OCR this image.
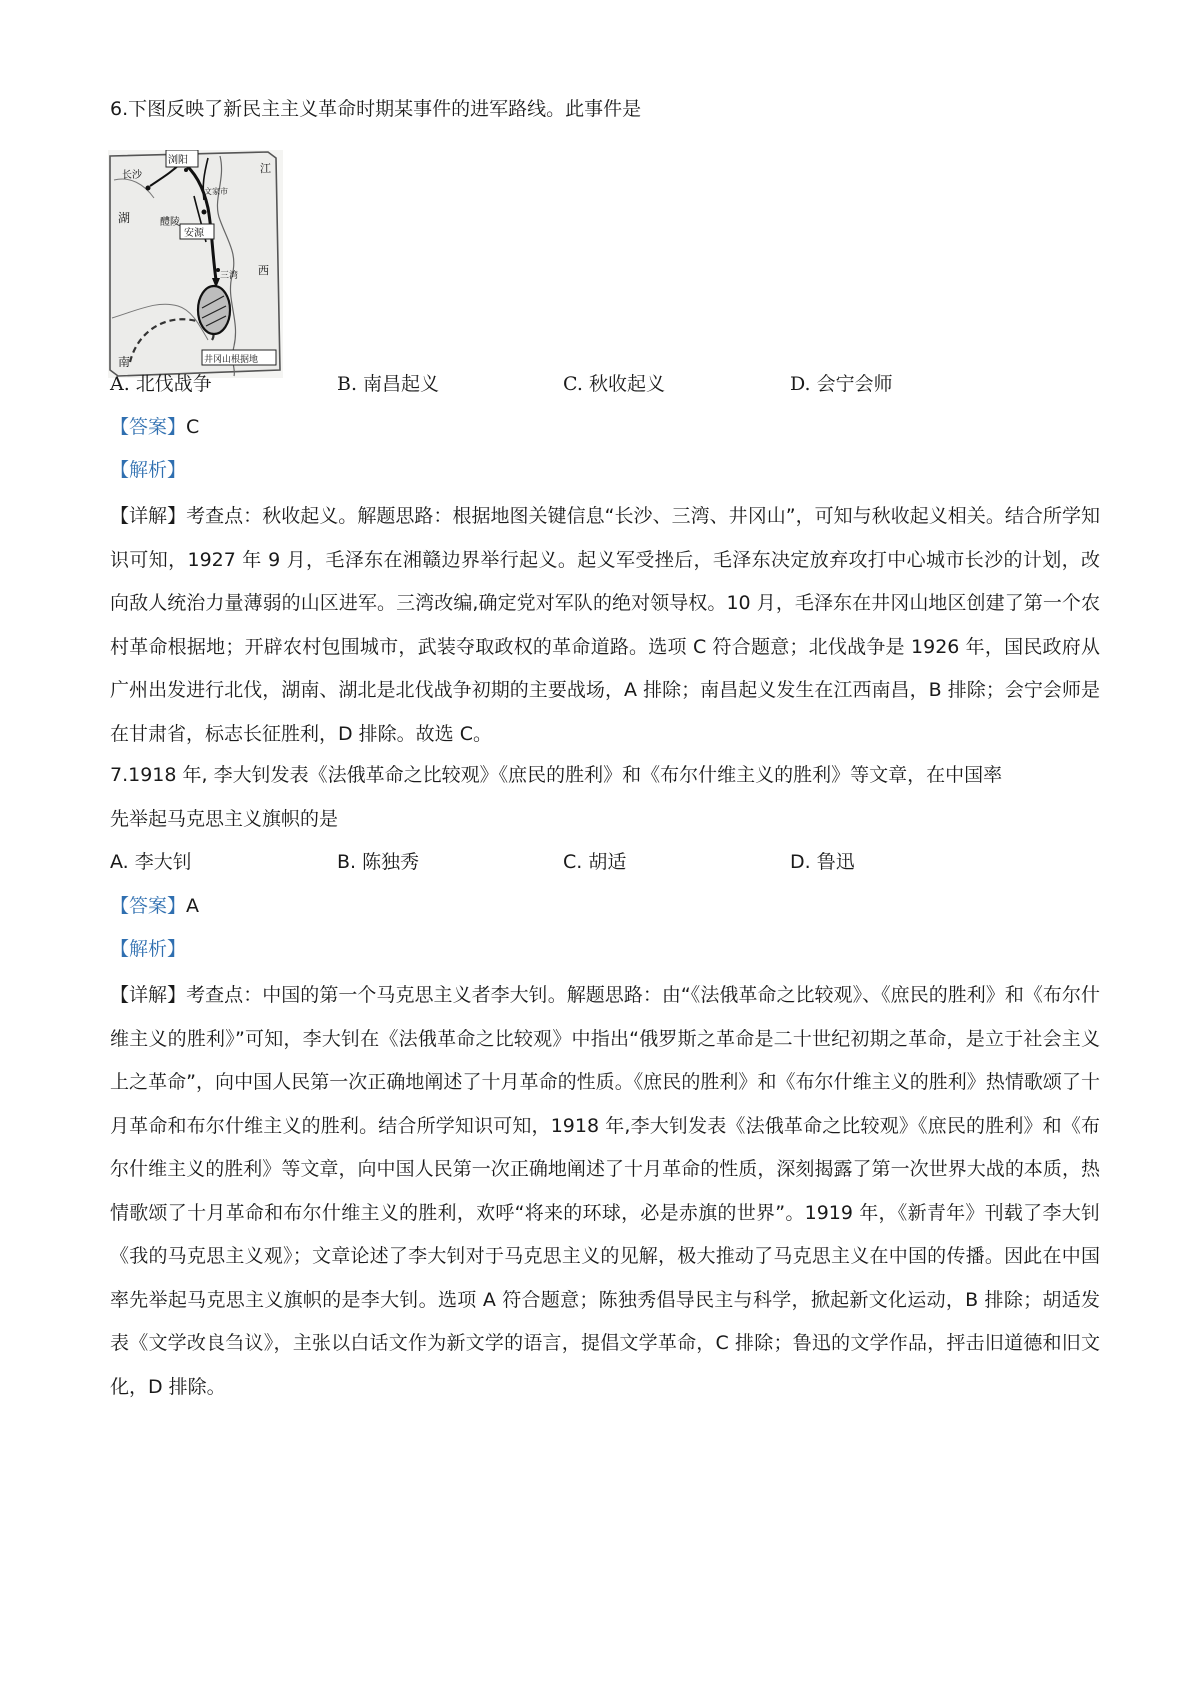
6.下图反映了新民主主义革命时期某事件的进军路线。此事件是
浏阳
长沙
文家市
醴陵
安源
三湾
井冈山根据地
湖
南
江
西
A. 北伐战争	B. 南昌起义	C. 秋收起义	D. 会宁会师
【答案】C
【解析】
【详解】考查点：秋收起义。解题思路：根据地图关键信息“长沙、三湾、井冈山”，可知与秋收起义相关。结合所学知识可知，1927 年 9 月，毛泽东在湘赣边界举行起义。起义军受挫后，毛泽东决定放弃攻打中心城市长沙的计划，改向敌人统治力量薄弱的山区进军。三湾改编,确定党对军队的绝对领导权。10 月，毛泽东在井冈山地区创建了第一个农村革命根据地；开辟农村包围城市，武装夺取政权的革命道路。选项 C 符合题意；北伐战争是 1926 年，国民政府从广州出发进行北伐，湖南、湖北是北伐战争初期的主要战场，A 排除；南昌起义发生在江西南昌，B 排除；会宁会师是在甘肃省，标志长征胜利，D 排除。故选 C。
7.1918 年, 李大钊发表《法俄革命之比较观》《庶民的胜利》和《布尔什维主义的胜利》等文章，在中国率
先举起马克思主义旗帜的是
A. 李大钊	B. 陈独秀	C. 胡适	D. 鲁迅
【答案】A
【解析】
【详解】考查点：中国的第一个马克思主义者李大钊。解题思路：由“《法俄革命之比较观》、《庶民的胜利》和《布尔什维主义的胜利》”可知，李大钊在《法俄革命之比较观》中指出“俄罗斯之革命是二十世纪初期之革命，是立于社会主义上之革命”，向中国人民第一次正确地阐述了十月革命的性质。《庶民的胜利》和《布尔什维主义的胜利》热情歌颂了十月革命和布尔什维主义的胜利。结合所学知识可知，1918 年,李大钊发表《法俄革命之比较观》《庶民的胜利》和《布尔什维主义的胜利》等文章，向中国人民第一次正确地阐述了十月革命的性质，深刻揭露了第一次世界大战的本质，热情歌颂了十月革命和布尔什维主义的胜利，欢呼“将来的环球，必是赤旗的世界”。1919 年，《新青年》刊载了李大钊《我的马克思主义观》；文章论述了李大钊对于马克思主义的见解，极大推动了马克思主义在中国的传播。因此在中国率先举起马克思主义旗帜的是李大钊。选项 A 符合题意；陈独秀倡导民主与科学，掀起新文化运动，B 排除；胡适发表《文学改良刍议》，主张以白话文作为新文学的语言，提倡文学革命，C 排除；鲁迅的文学作品，抨击旧道德和旧文化，D 排除。
